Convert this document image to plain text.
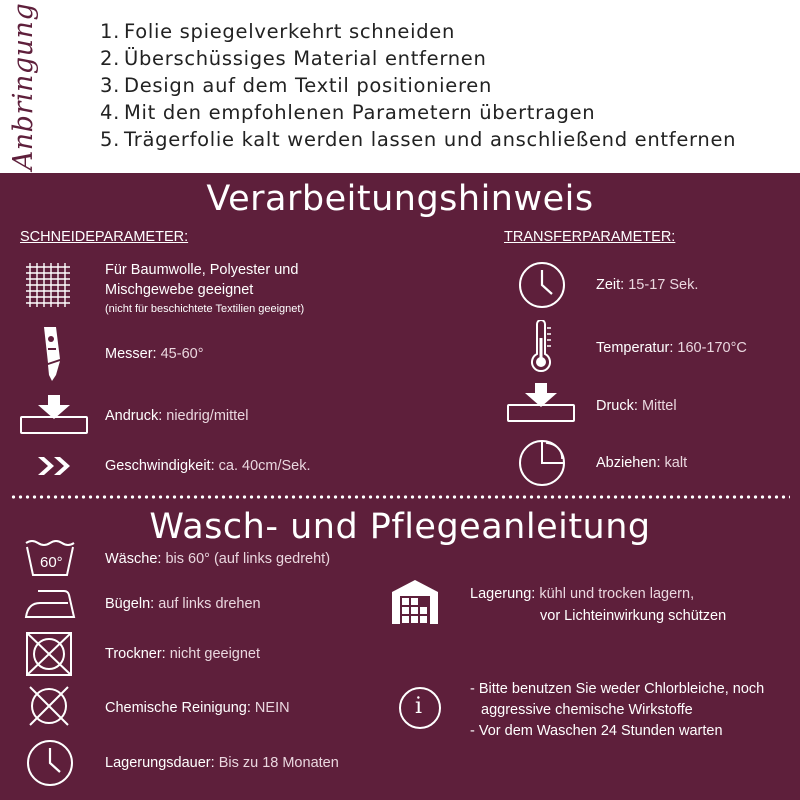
Anbringung	1. Folie spiegelverkehrt schneiden
2. Überschüssiges Material entfernen
3. Design auf dem Textil positionieren
4. Mit den empfohlenen Parametern übertragen
5. Trägerfolie kalt werden lassen und anschließend entfernen
Verarbeitungshinweis
SCHNEIDEPARAMETER:	TRANSFERPARAMETER:
Für Baumwolle, Polyester und
Mischgewebe geeignet
(nicht für beschichtete Textilien geeignet)
Messer: 45-60°
Andruck: niedrig/mittel
Geschwindigkeit: ca. 40cm/Sek.
Zeit: 15-17 Sek.
Temperatur: 160-170°C
Druck: Mittel
Abziehen: kalt
Wasch- und Pflegeanleitung
60°	Wäsche: bis 60° (auf links gedreht)
Bügeln: auf links drehen
Trockner: nicht geeignet
Chemische Reinigung: NEIN
Lagerungsdauer: Bis zu 18 Monaten
Lagerung: kühl und trocken lagern,
vor Lichteinwirkung schützen
i
- Bitte benutzen Sie weder Chlorbleiche, noch
aggressive chemische Wirkstoffe
- Vor dem Waschen 24 Stunden warten
